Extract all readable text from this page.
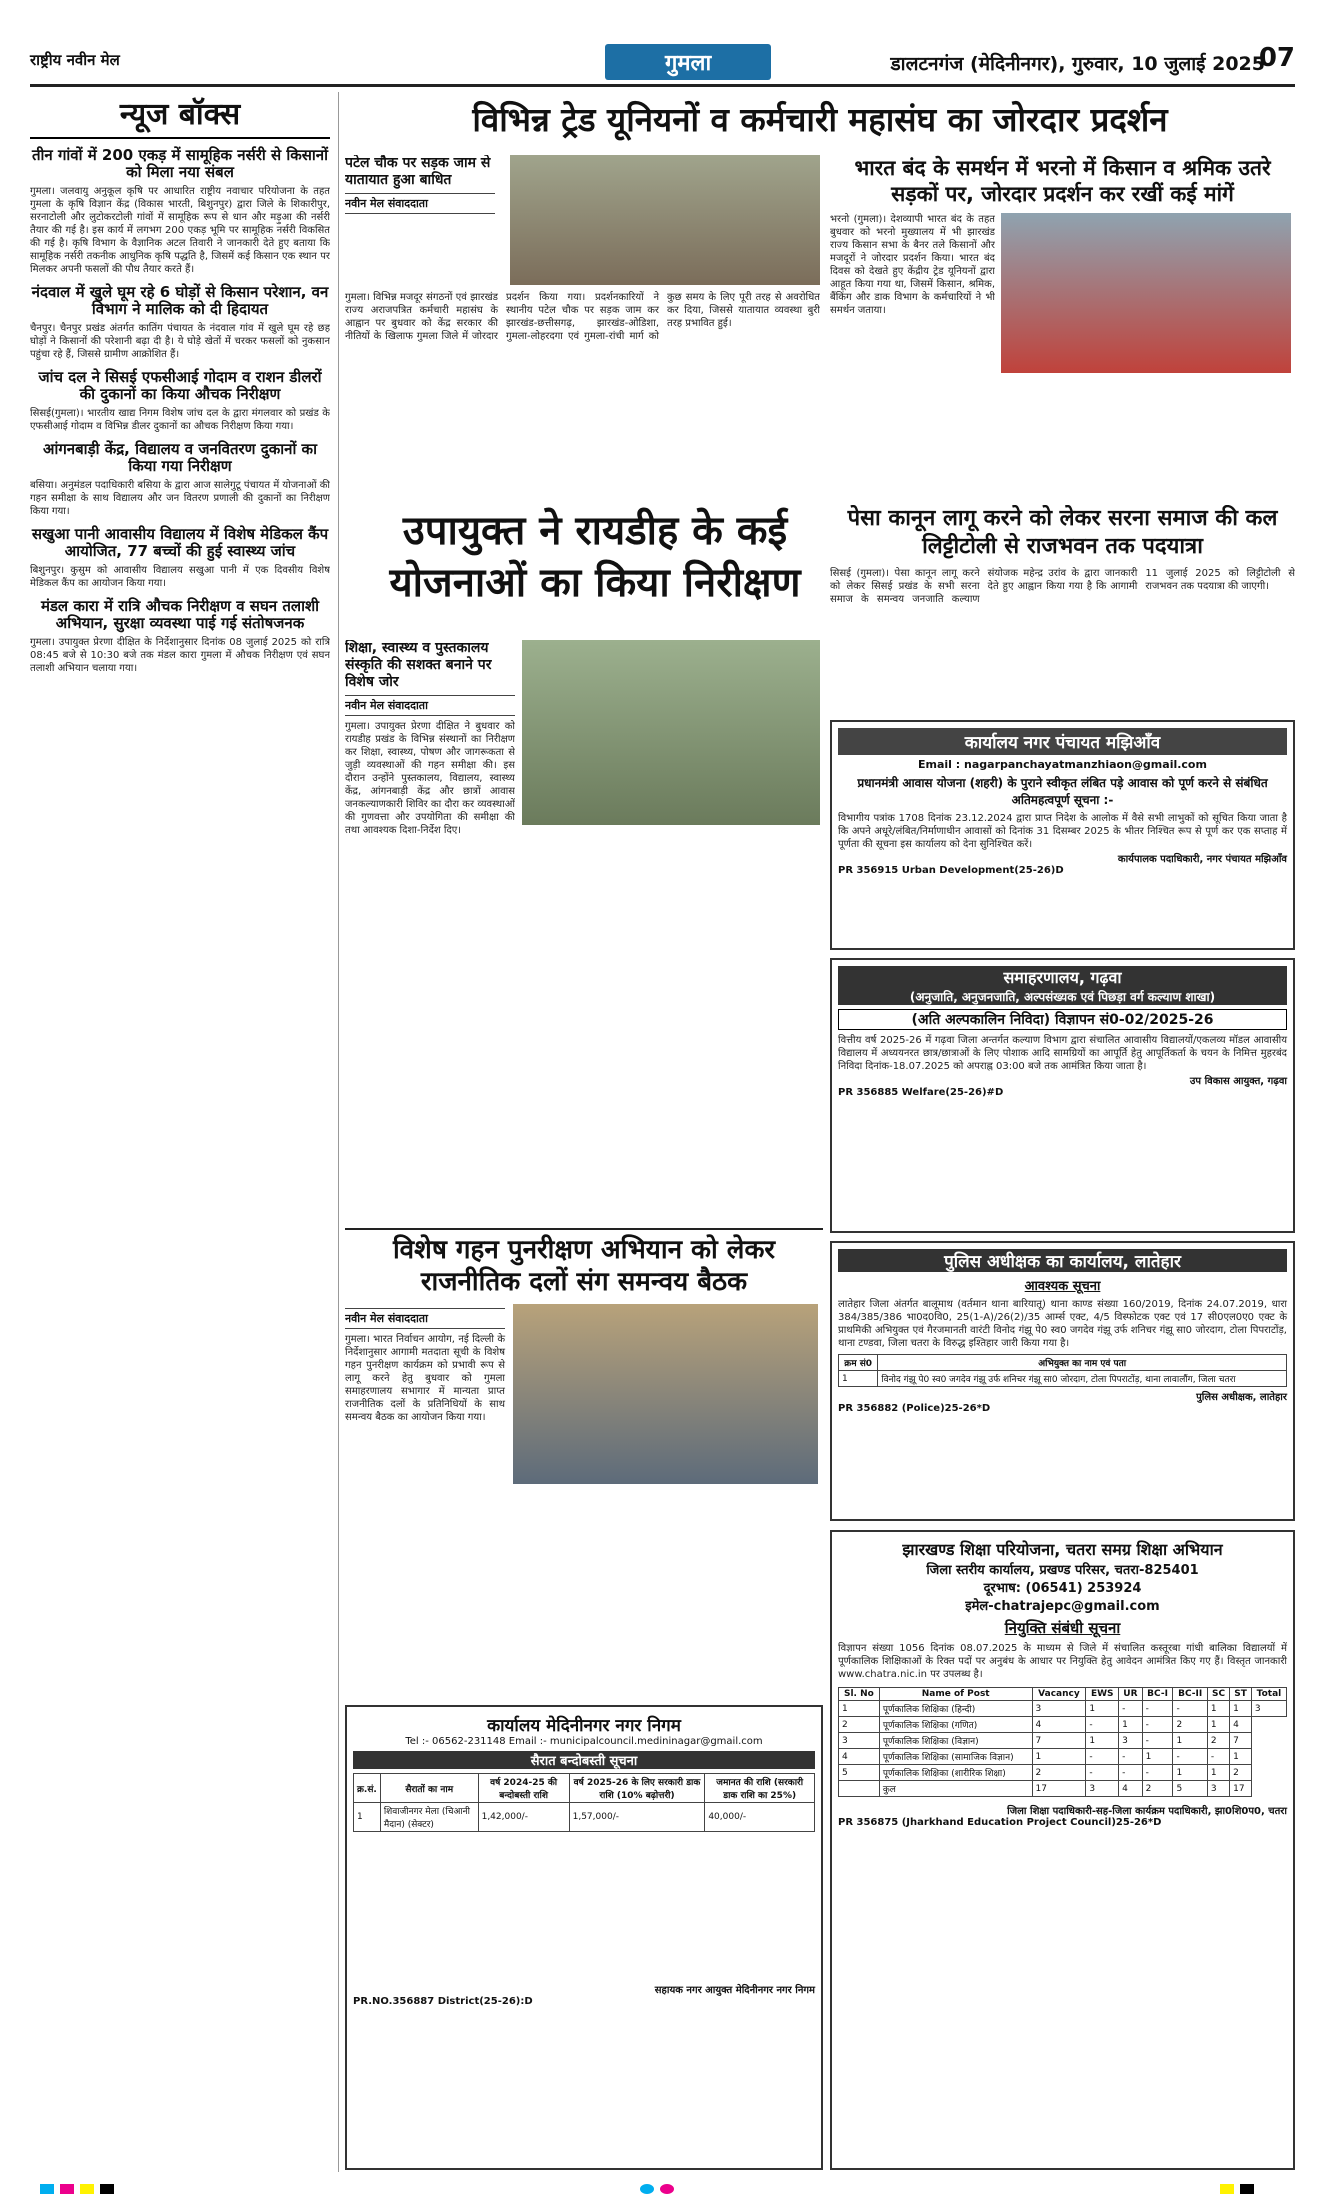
राष्ट्रीय नवीन मेल	गुमला	डालटनगंज (मेदिनीनगर), गुरुवार, 10 जुलाई 2025
07
न्यूज बॉक्स
तीन गांवों में 200 एकड़ में सामूहिक नर्सरी से किसानों को मिला नया संबल
गुमला। जलवायु अनुकूल कृषि पर आधारित राष्ट्रीय नवाचार परियोजना के तहत गुमला के कृषि विज्ञान केंद्र (विकास भारती, बिशुनपुर) द्वारा जिले के शिकारीपुर, सरनाटोली और लुटोकरटोली गांवों में सामूहिक रूप से धान और मड़ुआ की नर्सरी तैयार की गई है। इस कार्य में लगभग 200 एकड़ भूमि पर सामूहिक नर्सरी विकसित की गई है। कृषि विभाग के वैज्ञानिक अटल तिवारी ने जानकारी देते हुए बताया कि सामूहिक नर्सरी तकनीक आधुनिक कृषि पद्धति है, जिसमें कई किसान एक स्थान पर मिलकर अपनी फसलों की पौध तैयार करते हैं।
नंदवाल में खुले घूम रहे 6 घोड़ों से किसान परेशान, वन विभाग ने मालिक को दी हिदायत
चैनपुर। चैनपुर प्रखंड अंतर्गत कातिंग पंचायत के नंदवाल गांव में खुले घूम रहे छह घोड़ों ने किसानों की परेशानी बढ़ा दी है। ये घोड़े खेतों में चरकर फसलों को नुकसान पहुंचा रहे हैं, जिससे ग्रामीण आक्रोशित हैं।
जांच दल ने सिसई एफसीआई गोदाम व राशन डीलरों की दुकानों का किया औचक निरीक्षण
सिसई(गुमला)। भारतीय खाद्य निगम विशेष जांच दल के द्वारा मंगलवार को प्रखंड के एफसीआई गोदाम व विभिन्न डीलर दुकानों का औचक निरीक्षण किया गया।
आंगनबाड़ी केंद्र, विद्यालय व जनवितरण दुकानों का किया गया निरीक्षण
बसिया। अनुमंडल पदाधिकारी बसिया के द्वारा आज सालेगुटू पंचायत में योजनाओं की गहन समीक्षा के साथ विद्यालय और जन वितरण प्रणाली की दुकानों का निरीक्षण किया गया।
सखुआ पानी आवासीय विद्यालय में विशेष मेडिकल कैंप आयोजित, 77 बच्चों की हुई स्वास्थ्य जांच
बिशुनपुर। कुसुम को आवासीय विद्यालय सखुआ पानी में एक दिवसीय विशेष मेडिकल कैंप का आयोजन किया गया।
मंडल कारा में रात्रि औचक निरीक्षण व सघन तलाशी अभियान, सुरक्षा व्यवस्था पाई गई संतोषजनक
गुमला। उपायुक्त प्रेरणा दीक्षित के निर्देशानुसार दिनांक 08 जुलाई 2025 को रात्रि 08:45 बजे से 10:30 बजे तक मंडल कारा गुमला में औचक निरीक्षण एवं सघन तलाशी अभियान चलाया गया।
विभिन्न ट्रेड यूनियनों व कर्मचारी महासंघ का जोरदार प्रदर्शन
पटेल चौक पर सड़क जाम से यातायात हुआ बाधित
नवीन मेल संवाददाता
गुमला। विभिन्न मजदूर संगठनों एवं झारखंड राज्य अराजपत्रित कर्मचारी महासंघ के आह्वान पर बुधवार को केंद्र सरकार की नीतियों के खिलाफ गुमला जिले में जोरदार प्रदर्शन किया गया। प्रदर्शनकारियों ने स्थानीय पटेल चौक पर सड़क जाम कर झारखंड-छत्तीसगढ़, झारखंड-ओडिशा, गुमला-लोहरदगा एवं गुमला-रांची मार्ग को कुछ समय के लिए पूरी तरह से अवरोधित कर दिया, जिससे यातायात व्यवस्था बुरी तरह प्रभावित हुई।
भारत बंद के समर्थन में भरनो में किसान व श्रमिक उतरे सड़कों पर, जोरदार प्रदर्शन कर रखीं कई मांगें
भरनो (गुमला)। देशव्यापी भारत बंद के तहत बुधवार को भरनो मुख्यालय में भी झारखंड राज्य किसान सभा के बैनर तले किसानों और मजदूरों ने जोरदार प्रदर्शन किया। भारत बंद दिवस को देखते हुए केंद्रीय ट्रेड यूनियनों द्वारा आहूत किया गया था, जिसमें किसान, श्रमिक, बैंकिंग और डाक विभाग के कर्मचारियों ने भी समर्थन जताया।
उपायुक्त ने रायडीह के कई योजनाओं का किया निरीक्षण
शिक्षा, स्वास्थ्य व पुस्तकालय संस्कृति की सशक्त बनाने पर विशेष जोर
नवीन मेल संवाददाता
गुमला। उपायुक्त प्रेरणा दीक्षित ने बुधवार को रायडीह प्रखंड के विभिन्न संस्थानों का निरीक्षण कर शिक्षा, स्वास्थ्य, पोषण और जागरूकता से जुड़ी व्यवस्थाओं की गहन समीक्षा की। इस दौरान उन्होंने पुस्तकालय, विद्यालय, स्वास्थ्य केंद्र, आंगनबाड़ी केंद्र और छात्रों आवास जनकल्याणकारी शिविर का दौरा कर व्यवस्थाओं की गुणवत्ता और उपयोगिता की समीक्षा की तथा आवश्यक दिशा-निर्देश दिए।
पेसा कानून लागू करने को लेकर सरना समाज की कल लिट्टीटोली से राजभवन तक पदयात्रा
सिसई (गुमला)। पेसा कानून लागू करने को लेकर सिसई प्रखंड के सभी सरना समाज के समन्वय जनजाति कल्याण संयोजक महेन्द्र उरांव के द्वारा जानकारी देते हुए आह्वान किया गया है कि आगामी 11 जुलाई 2025 को लिट्टीटोली से राजभवन तक पदयात्रा की जाएगी।
कार्यालय नगर पंचायत मझिआँव
Email : nagarpanchayatmanzhiaon@gmail.com
प्रधानमंत्री आवास योजना (शहरी) के पुराने स्वीकृत लंबित पड़े आवास को पूर्ण करने से संबंधित अतिमहत्वपूर्ण सूचना :-
विभागीय पत्रांक 1708 दिनांक 23.12.2024 द्वारा प्राप्त निदेश के आलोक में वैसे सभी लाभुकों को सूचित किया जाता है कि अपने अधूरे/लंबित/निर्माणाधीन आवासों को दिनांक 31 दिसम्बर 2025 के भीतर निश्चित रूप से पूर्ण कर एक सप्ताह में पूर्णता की सूचना इस कार्यालय को देना सुनिश्चित करें।
कार्यपालक पदाधिकारी, नगर पंचायत मझिआँव
PR 356915 Urban Development(25-26)D
समाहरणालय, गढ़वा
(अनुजाति, अनुजनजाति, अल्पसंख्यक एवं पिछड़ा वर्ग कल्याण शाखा)
(अति अल्पकालिन निविदा) विज्ञापन सं0-02/2025-26
वित्तीय वर्ष 2025-26 में गढ़वा जिला अन्तर्गत कल्याण विभाग द्वारा संचालित आवासीय विद्यालयों/एकलव्य मॉडल आवासीय विद्यालय में अध्ययनरत छात्र/छात्राओं के लिए पोशाक आदि सामग्रियों का आपूर्ति हेतु आपूर्तिकर्ता के चयन के निमित्त मुहरबंद निविदा दिनांक-18.07.2025 को अपराह्न 03:00 बजे तक आमंत्रित किया जाता है।
उप विकास आयुक्त, गढ़वा
PR 356885 Welfare(25-26)#D
पुलिस अधीक्षक का कार्यालय, लातेहार
आवश्यक सूचना
लातेहार जिला अंतर्गत बालूमाथ (वर्तमान थाना बारियातू) थाना काण्ड संख्या 160/2019, दिनांक 24.07.2019, धारा 384/385/386 भा0द0वि0, 25(1-A)/26(2)/35 आर्म्स एक्ट, 4/5 विस्फोटक एक्ट एवं 17 सी0एल0ए0 एक्ट के प्राथमिकी अभियुक्त एवं गैरजमानती वारंटी विनोद गंझू पे0 स्व0 जगदेव गंझू उर्फ शनिचर गंझू सा0 जोरदाग, टोला पिपराटोंड़, थाना टण्डवा, जिला चतरा के विरुद्ध इश्तिहार जारी किया गया है।
क्रम सं0	अभियुक्त का नाम एवं पता
1	विनोद गंझू पे0 स्व0 जगदेव गंझू उर्फ शनिचर गंझू सा0 जोरदाग, टोला पिपराटोंड़, थाना लावालौंग, जिला चतरा
पुलिस अधीक्षक, लातेहार
PR 356882 (Police)25-26*D
झारखण्ड शिक्षा परियोजना, चतरा समग्र शिक्षा अभियान
जिला स्तरीय कार्यालय, प्रखण्ड परिसर, चतरा-825401
दूरभाष: (06541) 253924
इमेल-chatrajepc@gmail.com
नियुक्ति संबंधी सूचना
विज्ञापन संख्या 1056 दिनांक 08.07.2025 के माध्यम से जिले में संचालित कस्तूरबा गांधी बालिका विद्यालयों में पूर्णकालिक शिक्षिकाओं के रिक्त पदों पर अनुबंध के आधार पर नियुक्ति हेतु आवेदन आमंत्रित किए गए हैं। विस्तृत जानकारी www.chatra.nic.in पर उपलब्ध है।
Sl. No	Name of Post	Vacancy	EWS	UR	BC-I	BC-II	SC	ST	Total
1	पूर्णकालिक शिक्षिका (हिन्दी)	3	1	-	-	-	1	1	3
2	पूर्णकालिक शिक्षिका (गणित)	4	-	1	-	2	1	4	
3	पूर्णकालिक शिक्षिका (विज्ञान)	7	1	3	-	1	2	7	
4	पूर्णकालिक शिक्षिका (सामाजिक विज्ञान)	1	-	-	1	-	-	1	
5	पूर्णकालिक शिक्षिका (शारीरिक शिक्षा)	2	-	-	-	1	1	2	
	कुल	17	3	4	2	5	3	17	
जिला शिक्षा पदाधिकारी-सह-जिला कार्यक्रम पदाधिकारी, झा0शि0प0, चतरा
PR 356875 (Jharkhand Education Project Council)25-26*D
विशेष गहन पुनरीक्षण अभियान को लेकर राजनीतिक दलों संग समन्वय बैठक
नवीन मेल संवाददाता
गुमला। भारत निर्वाचन आयोग, नई दिल्ली के निर्देशानुसार आगामी मतदाता सूची के विशेष गहन पुनरीक्षण कार्यक्रम को प्रभावी रूप से लागू करने हेतु बुधवार को गुमला समाहरणालय सभागार में मान्यता प्राप्त राजनीतिक दलों के प्रतिनिधियों के साथ समन्वय बैठक का आयोजन किया गया।
कार्यालय मेदिनीनगर नगर निगम
Tel :- 06562-231148 Email :- municipalcouncil.medininagar@gmail.com
सैरात बन्दोबस्ती सूचना
क्र.सं.	सैरातों का नाम	वर्ष 2024-25 की बन्दोबस्ती राशि	वर्ष 2025-26 के लिए सरकारी डाक राशि (10% बढ़ोत्तरी)	जमानत की राशि (सरकारी डाक राशि का 25%)
1	शिवाजीनगर मेला (चिआनी मैदान) (सेक्टर)	1,42,000/-	1,57,000/-	40,000/-
सहायक नगर आयुक्त मेदिनीनगर नगर निगम
PR.NO.356887 District(25-26):D
